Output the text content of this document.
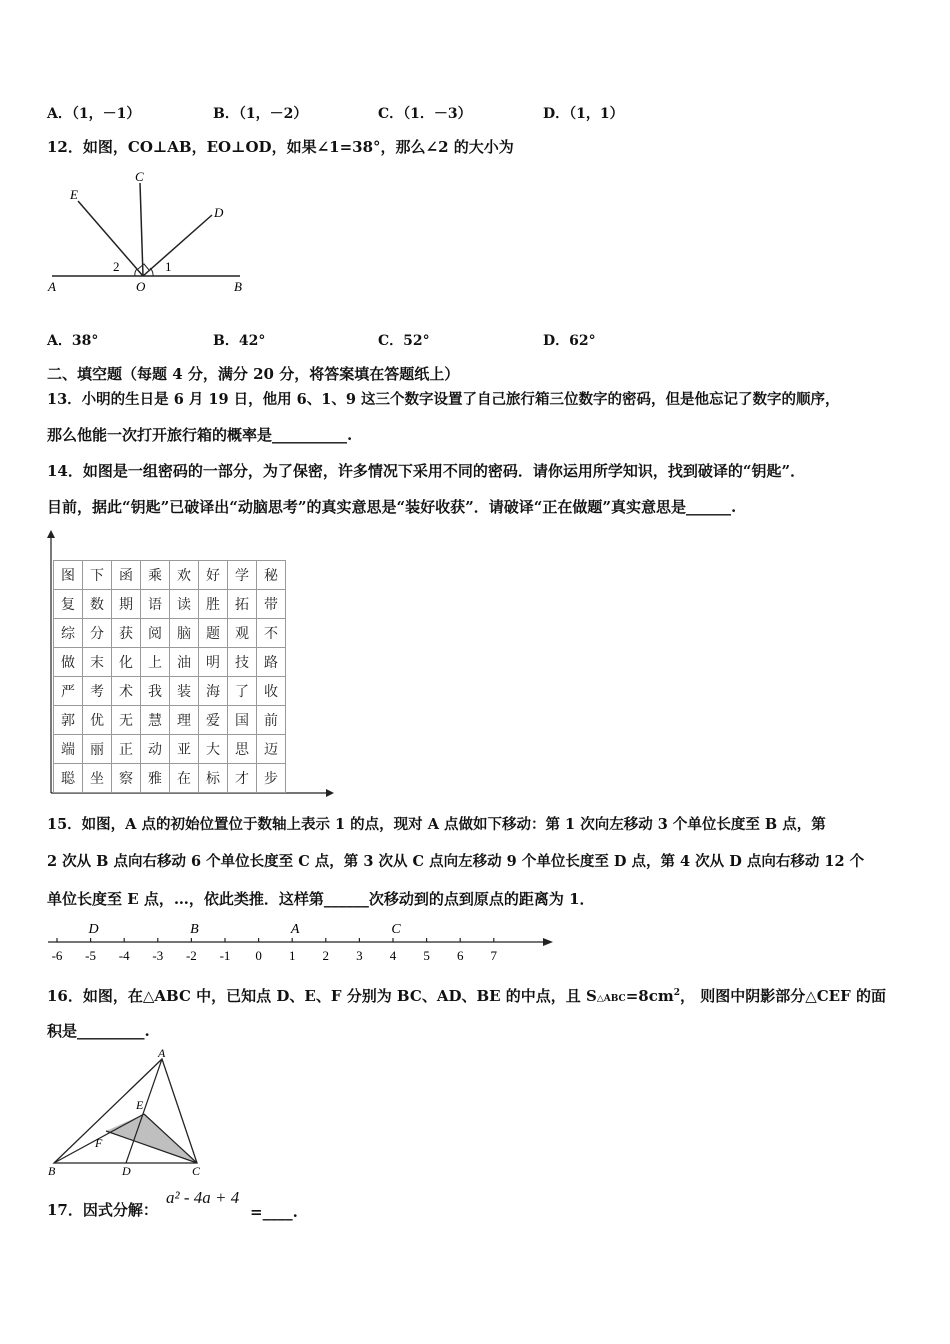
A．（1，－1）	B．（1，－2）	C．（1．－3）	D．（1，1）
12．如图，CO⊥AB，EO⊥OD，如果∠1=38°，那么∠2 的大小为
E
C
D
2	1
A	O	B
A．38°	B．42°	C．52°	D．62°
二、填空题（每题 4 分，满分 20 分，将答案填在答题纸上）
13．小明的生日是 6 月 19 日，他用 6、1、9 这三个数字设置了自己旅行箱三位数字的密码，但是他忘记了数字的顺序，
那么他能一次打开旅行箱的概率是__________.
14．如图是一组密码的一部分，为了保密，许多情况下采用不同的密码．请你运用所学知识，找到破译的“钥匙”．
目前，据此“钥匙”已破译出“动脑思考”的真实意思是“装好收获”．请破译“正在做题”真实意思是______.
图	下	函	乘	欢	好	学	秘
复	数	期	语	读	胜	拓	带
综	分	获	阅	脑	题	观	不
做	末	化	上	油	明	技	路
严	考	术	我	装	海	了	收
郭	优	无	慧	理	爱	国	前
端	丽	正	动	亚	大	思	迈
聪	坐	察	雅	在	标	才	步
15．如图，A 点的初始位置位于数轴上表示 1 的点，现对 A 点做如下移动：第 1 次向左移动 3 个单位长度至 B 点，第
2 次从 B 点向右移动 6 个单位长度至 C 点，第 3 次从 C 点向左移动 9 个单位长度至 D 点，第 4 次从 D 点向右移动 12 个
单位长度至 E 点，…，依此类推．这样第______次移动到的点到原点的距离为 1．
-6 -5 -4 -3 -2 -1 0 1 2 3 4 5 6 7
D	B	A	C
16．如图，在△ABC 中，已知点 D、E、F 分别为 BC、AD、BE 的中点，且 $S\triangle ABC=8cm^2$， 则图中阴影部分△CEF 的面
积是_________.
A
E
F
B	D	C
17．因式分解：
a² - 4a + 4
=____.
